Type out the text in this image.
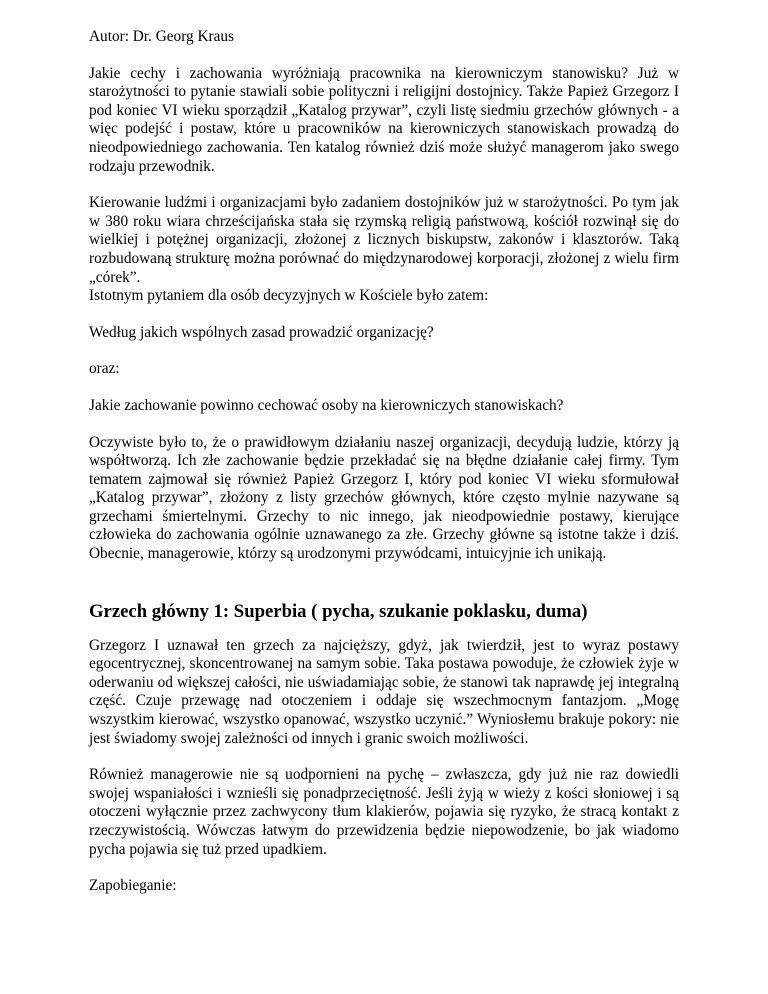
Autor: Dr. Georg Kraus

Jakie cechy i zachowania wyróżniają pracownika na kierowniczym stanowisku? Już w starożytności to pytanie stawiali sobie polityczni i religijni dostojnicy. Także Papież Grzegorz I pod koniec VI wieku sporządził „Katalog przywar”, czyli listę siedmiu grzechów głównych - a więc podejść i postaw, które u pracowników na kierowniczych stanowiskach prowadzą do nieodpowiedniego zachowania. Ten katalog również dziś może służyć managerom jako swego rodzaju przewodnik.

Kierowanie ludźmi i organizacjami było zadaniem dostojników już w starożytności. Po tym jak w 380 roku wiara chrześcijańska stała się rzymską religią państwową, kościół rozwinął się do wielkiej i potężnej organizacji, złożonej z licznych biskupstw, zakonów i klasztorów. Taką rozbudowaną strukturę można porównać do międzynarodowej korporacji, złożonej z wielu firm „córek”.

Istotnym pytaniem dla osób decyzyjnych w Kościele było zatem:

Według jakich wspólnych zasad prowadzić organizację?

oraz:

Jakie zachowanie powinno cechować osoby na kierowniczych stanowiskach?

Oczywiste było to, że o prawidłowym działaniu naszej organizacji, decydują ludzie, którzy ją współtworzą. Ich złe zachowanie będzie przekładać się na błędne działanie całej firmy. Tym tematem zajmował się również Papież Grzegorz I, który pod koniec VI wieku sformułował „Katalog przywar”, złożony z listy grzechów głównych, które często mylnie nazywane są grzechami śmiertelnymi. Grzechy to nic innego, jak nieodpowiednie postawy, kierujące człowieka do zachowania ogólnie uznawanego za złe. Grzechy główne są istotne także i dziś. Obecnie, managerowie, którzy są urodzonymi przywódcami, intuicyjnie ich unikają.

Grzech główny 1: Superbia ( pycha, szukanie poklasku, duma)

Grzegorz I uznawał ten grzech za najcięższy, gdyż, jak twierdził, jest to wyraz postawy egocentrycznej, skoncentrowanej na samym sobie. Taka postawa powoduje, że człowiek żyje w oderwaniu od większej całości, nie uświadamiając sobie, że stanowi tak naprawdę jej integralną część. Czuje przewagę nad otoczeniem i oddaje się wszechmocnym fantazjom. „Mogę wszystkim kierować, wszystko opanować, wszystko uczynić.” Wyniosłemu brakuje pokory: nie jest świadomy swojej zależności od innych i granic swoich możliwości.

Również managerowie nie są uodpornieni na pychę – zwłaszcza, gdy już nie raz dowiedli swojej wspaniałości i wznieśli się ponadprzeciętność. Jeśli żyją w wieży z kości słoniowej i są otoczeni wyłącznie przez zachwycony tłum klakierów, pojawia się ryzyko, że stracą kontakt z rzeczywistością. Wówczas łatwym do przewidzenia będzie niepowodzenie, bo jak wiadomo pycha pojawia się tuż przed upadkiem.

Zapobieganie:
